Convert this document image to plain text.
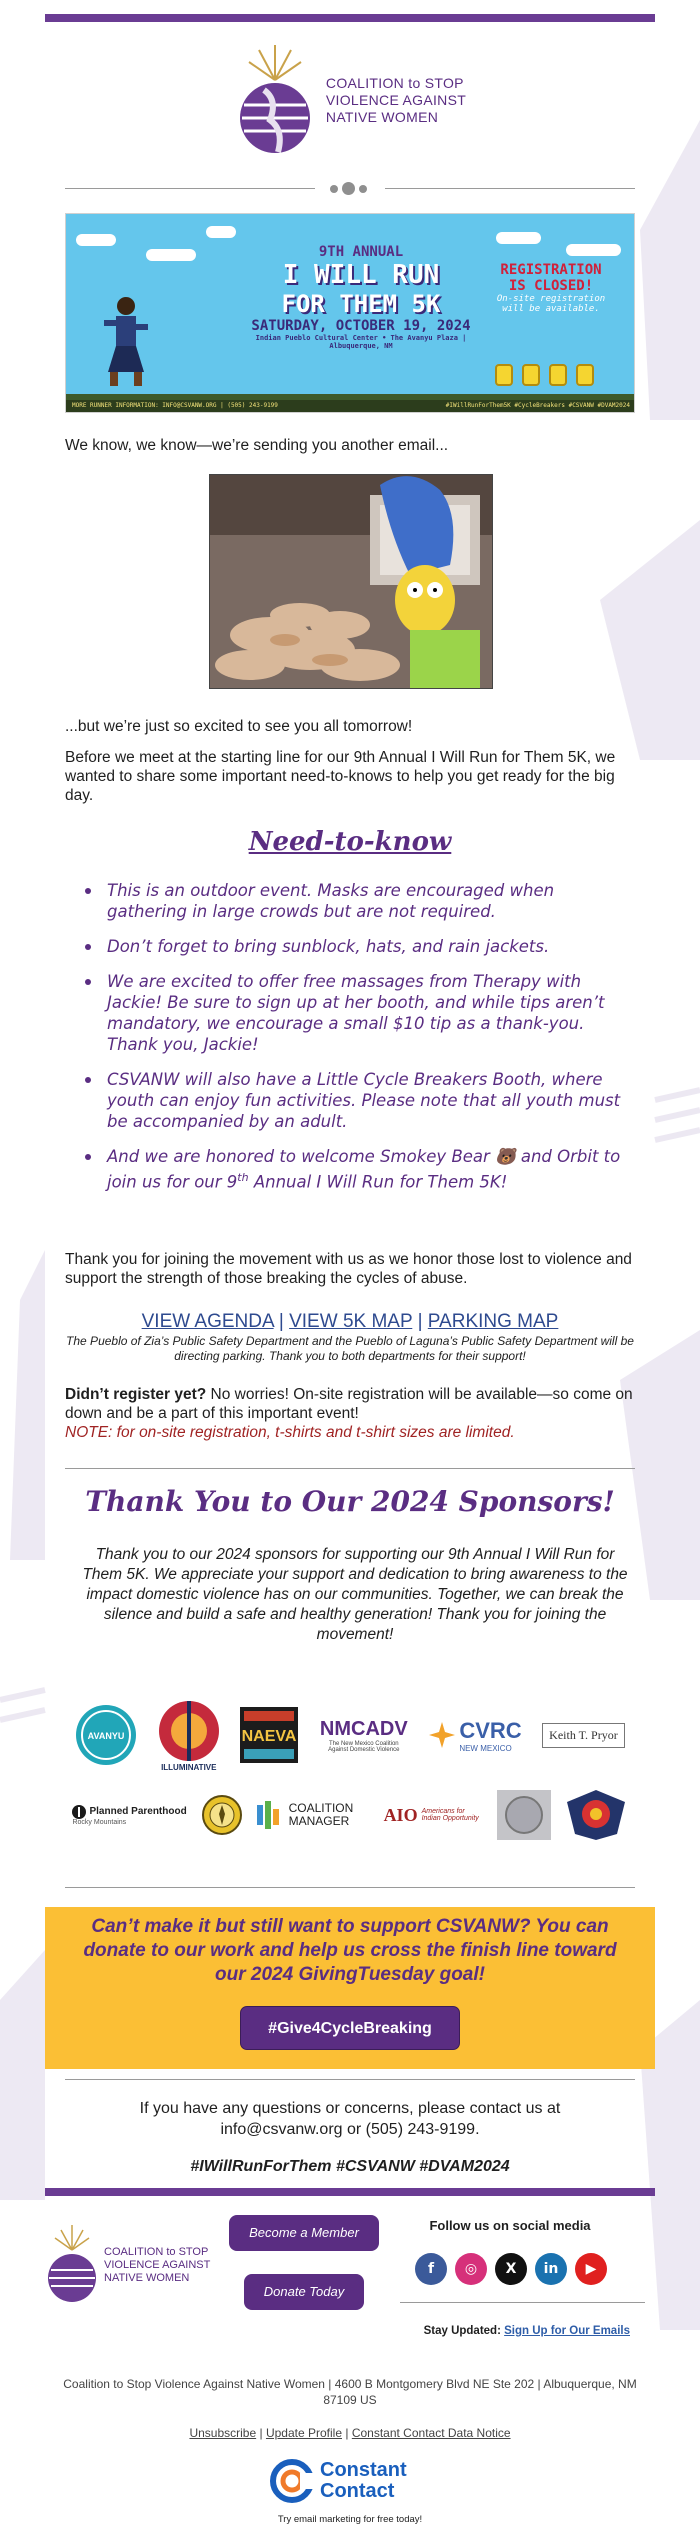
COALITION to STOP
VIOLENCE AGAINST
NATIVE WOMEN
9TH ANNUAL
I WILL RUN
FOR THEM 5K
SATURDAY, OCTOBER 19, 2024
Indian Pueblo Cultural Center • The Avanyu Plaza | Albuquerque, NM
REGISTRATION
IS CLOSED!
On-site registration
will be available.
MORE RUNNER INFORMATION: INFO@CSVANW.ORG | (505) 243-9199	#IWillRunForThem5K #CycleBreakers #CSVANW #DVAM2024
We know, we know—we’re sending you another email...
...but we’re just so excited to see you all tomorrow!
Before we meet at the starting line for our 9th Annual I Will Run for Them 5K, we wanted to share some important need-to-knows to help you get ready for the big day.
Need-to-know
This is an outdoor event. Masks are encouraged when gathering in large crowds but are not required.
Don’t forget to bring sunblock, hats, and rain jackets.
We are excited to offer free massages from Therapy with Jackie! Be sure to sign up at her booth, and while tips aren’t mandatory, we encourage a small $10 tip as a thank-you. Thank you, Jackie!
CSVANW will also have a Little Cycle Breakers Booth, where youth can enjoy fun activities. Please note that all youth must be accompanied by an adult.
And we are honored to welcome Smokey Bear 🐻 and Orbit to join us for our 9th Annual I Will Run for Them 5K!
Thank you for joining the movement with us as we honor those lost to violence and support the strength of those breaking the cycles of abuse.
VIEW AGENDA | VIEW 5K MAP | PARKING MAP
The Pueblo of Zia’s Public Safety Department and the Pueblo of Laguna’s Public Safety Department will be directing parking. Thank you to both departments for their support!
Didn’t register yet? No worries! On-site registration will be available—so come on down and be a part of this important event!
NOTE: for on-site registration, t-shirts and t-shirt sizes are limited.
Thank You to Our 2024 Sponsors!
Thank you to our 2024 sponsors for supporting our 9th Annual I Will Run for Them 5K. We appreciate your support and dedication to bring awareness to the impact domestic violence has on our communities. Together, we can break the silence and build a safe and healthy generation! Thank you for joining the movement!
AVANYU
ILLUMINATIVE
NAEVA NMCADV
The New Mexico Coalition Against Domestic Violence
CVRC
NEW MEXICO
Keith T. Pryor
Planned Parenthood
Rocky Mountains
COALITION MANAGER	AIO Americans for Indian Opportunity
Can’t make it but still want to support CSVANW? You can donate to our work and help us cross the finish line toward our 2024 GivingTuesday goal!
#Give4CycleBreaking
If you have any questions or concerns, please contact us at
info@csvanw.org or (505) 243-9199.
#IWillRunForThem #CSVANW #DVAM2024
COALITION to STOP
VIOLENCE AGAINST
NATIVE WOMEN
Become a Member
Donate Today
Follow us on social media
f	◎	X	in	▶
Stay Updated: Sign Up for Our Emails
Coalition to Stop Violence Against Native Women | 4600 B Montgomery Blvd NE Ste 202 | Albuquerque, NM 87109 US
Unsubscribe | Update Profile | Constant Contact Data Notice
Constant
Contact
Try email marketing for free today!
